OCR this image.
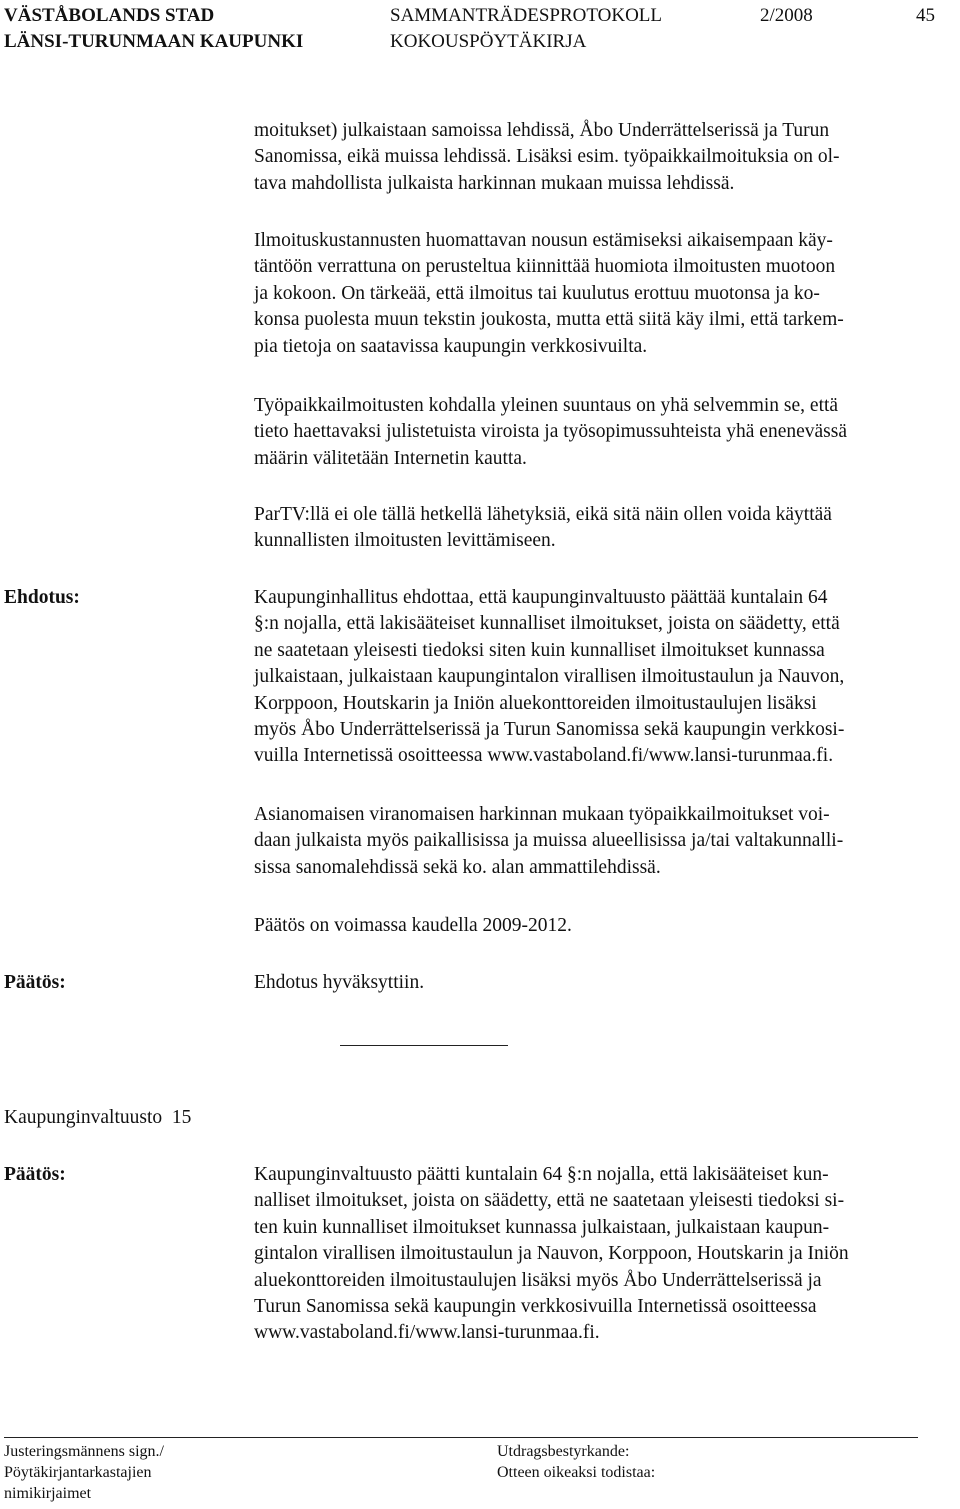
VÄSTÅBOLANDS STAD
LÄNSI-TURUNMAAN KAUPUNKI
SAMMANTRÄDESPROTOKOLL
KOKOUSPÖYTÄKIRJA
2/2008	45
moitukset) julkaistaan samoissa lehdissä, Åbo Underrättelserissä ja Turun
Sanomissa, eikä muissa lehdissä. Lisäksi esim. työpaikkailmoituksia on ol-
tava mahdollista julkaista harkinnan mukaan muissa lehdissä.
Ilmoituskustannusten huomattavan nousun estämiseksi aikaisempaan käy-
täntöön verrattuna on perusteltua kiinnittää huomiota ilmoitusten muotoon
ja kokoon. On tärkeää, että ilmoitus tai kuulutus erottuu muotonsa ja ko-
konsa puolesta muun tekstin joukosta, mutta että siitä käy ilmi, että tarkem-
pia tietoja on saatavissa kaupungin verkkosivuilta.
Työpaikkailmoitusten kohdalla yleinen suuntaus on yhä selvemmin se, että
tieto haettavaksi julistetuista viroista ja työsopimussuhteista yhä enenevässä
määrin välitetään Internetin kautta.
ParTV:llä ei ole tällä hetkellä lähetyksiä, eikä sitä näin ollen voida käyttää
kunnallisten ilmoitusten levittämiseen.
Ehdotus:	Kaupunginhallitus ehdottaa, että kaupunginvaltuusto päättää kuntalain 64
§:n nojalla, että lakisääteiset kunnalliset ilmoitukset, joista on säädetty, että
ne saatetaan yleisesti tiedoksi siten kuin kunnalliset ilmoitukset kunnassa
julkaistaan, julkaistaan kaupungintalon virallisen ilmoitustaulun ja Nauvon,
Korppoon, Houtskarin ja Iniön aluekonttoreiden ilmoitustaulujen lisäksi
myös Åbo Underrättelserissä ja Turun Sanomissa sekä kaupungin verkkosi-
vuilla Internetissä osoitteessa www.vastaboland.fi/www.lansi-turunmaa.fi.
Asianomaisen viranomaisen harkinnan mukaan työpaikkailmoitukset voi-
daan julkaista myös paikallisissa ja muissa alueellisissa ja/tai valtakunnalli-
sissa sanomalehdissä sekä ko. alan ammattilehdissä.
Päätös on voimassa kaudella 2009-2012.
Päätös:	Ehdotus hyväksyttiin.
Kaupunginvaltuusto  15
Päätös:	Kaupunginvaltuusto päätti kuntalain 64 §:n nojalla, että lakisääteiset kun-
nalliset ilmoitukset, joista on säädetty, että ne saatetaan yleisesti tiedoksi si-
ten kuin kunnalliset ilmoitukset kunnassa julkaistaan, julkaistaan kaupun-
gintalon virallisen ilmoitustaulun ja Nauvon, Korppoon, Houtskarin ja Iniön
aluekonttoreiden ilmoitustaulujen lisäksi myös Åbo Underrättelserissä ja
Turun Sanomissa sekä kaupungin verkkosivuilla Internetissä osoitteessa
www.vastaboland.fi/www.lansi-turunmaa.fi.
Justeringsmännens sign./
Pöytäkirjantarkastajien
nimikirjaimet
Utdragsbestyrkande:
Otteen oikeaksi todistaa:
